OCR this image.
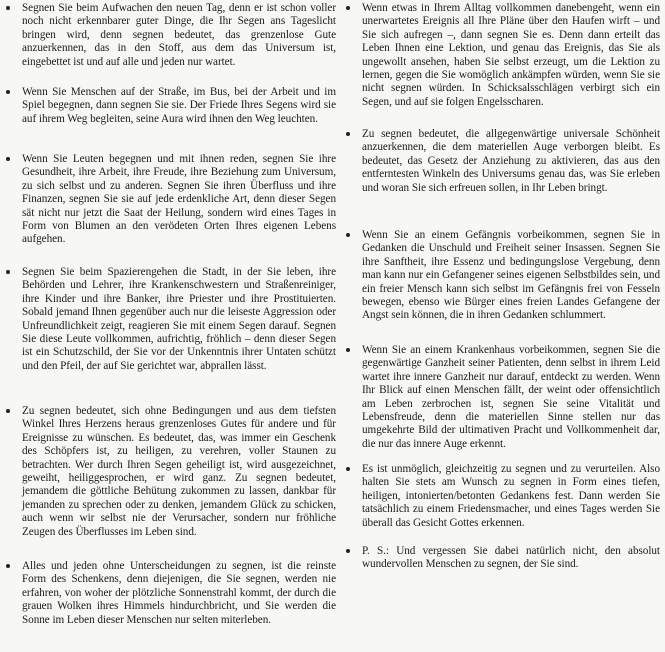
Segnen Sie beim Aufwachen den neuen Tag, denn er ist schon voller noch nicht erkennbarer guter Dinge, die Ihr Segen ans Tageslicht bringen wird, denn segnen bedeutet, das grenzenlose Gute anzuerkennen, das in den Stoff, aus dem das Universum ist, eingebettet ist und auf alle und jeden nur wartet.

Wenn Sie Menschen auf der Straße, im Bus, bei der Arbeit und im Spiel begegnen, dann segnen Sie sie. Der Friede Ihres Segens wird sie auf ihrem Weg begleiten, seine Aura wird ihnen den Weg leuchten.

Wenn Sie Leuten begegnen und mit ihnen reden, segnen Sie ihre Gesundheit, ihre Arbeit, ihre Freude, ihre Beziehung zum Universum, zu sich selbst und zu anderen. Segnen Sie ihren Überfluss und ihre Finanzen, segnen Sie sie auf jede erdenkliche Art, denn dieser Segen sät nicht nur jetzt die Saat der Heilung, sondern wird eines Tages in Form von Blumen an den verödeten Orten Ihres eigenen Lebens aufgehen.

Segnen Sie beim Spazierengehen die Stadt, in der Sie leben, ihre Behörden und Lehrer, ihre Krankenschwestern und Straßenreiniger, ihre Kinder und ihre Banker, ihre Priester und ihre Prostituierten. Sobald jemand Ihnen gegenüber auch nur die leiseste Aggression oder Unfreundlichkeit zeigt, reagieren Sie mit einem Segen darauf. Segnen Sie diese Leute vollkommen, aufrichtig, fröhlich – denn dieser Segen ist ein Schutzschild, der Sie vor der Unkenntnis ihrer Untaten schützt und den Pfeil, der auf Sie gerichtet war, abprallen lässt.

Zu segnen bedeutet, sich ohne Bedingungen und aus dem tiefsten Winkel Ihres Herzens heraus grenzenloses Gutes für andere und für Ereignisse zu wünschen. Es bedeutet, das, was immer ein Geschenk des Schöpfers ist, zu heiligen, zu verehren, voller Staunen zu betrachten. Wer durch Ihren Segen geheiligt ist, wird ausgezeichnet, geweiht, heiliggesprochen, er wird ganz. Zu segnen bedeutet, jemandem die göttliche Behütung zukommen zu lassen, dankbar für jemanden zu sprechen oder zu denken, jemandem Glück zu schicken, auch wenn wir selbst nie der Verursacher, sondern nur fröhliche Zeugen des Überflusses im Leben sind.

Alles und jeden ohne Unterscheidungen zu segnen, ist die reinste Form des Schenkens, denn diejenigen, die Sie segnen, werden nie erfahren, von woher der plötzliche Sonnenstrahl kommt, der durch die grauen Wolken ihres Himmels hindurchbricht, und Sie werden die Sonne im Leben dieser Menschen nur selten miterleben.

Wenn etwas in Ihrem Alltag vollkommen danebengeht, wenn ein unerwartetes Ereignis all Ihre Pläne über den Haufen wirft – und Sie sich aufregen –, dann segnen Sie es. Denn dann erteilt das Leben Ihnen eine Lektion, und genau das Ereignis, das Sie als ungewollt ansehen, haben Sie selbst erzeugt, um die Lektion zu lernen, gegen die Sie womöglich ankämpfen würden, wenn Sie sie nicht segnen würden. In Schicksalsschlägen verbirgt sich ein Segen, und auf sie folgen Engelsscharen.

Zu segnen bedeutet, die allgegenwärtige universale Schönheit anzuerkennen, die dem materiellen Auge verborgen bleibt. Es bedeutet, das Gesetz der Anziehung zu aktivieren, das aus den entferntesten Winkeln des Universums genau das, was Sie erleben und woran Sie sich erfreuen sollen, in Ihr Leben bringt.

Wenn Sie an einem Gefängnis vorbeikommen, segnen Sie in Gedanken die Unschuld und Freiheit seiner Insassen. Segnen Sie ihre Sanftheit, ihre Essenz und bedingungslose Vergebung, denn man kann nur ein Gefangener seines eigenen Selbstbildes sein, und ein freier Mensch kann sich selbst im Gefängnis frei von Fesseln bewegen, ebenso wie Bürger eines freien Landes Gefangene der Angst sein können, die in ihren Gedanken schlummert.

Wenn Sie an einem Krankenhaus vorbeikommen, segnen Sie die gegenwärtige Ganzheit seiner Patienten, denn selbst in ihrem Leid wartet ihre innere Ganzheit nur darauf, entdeckt zu werden. Wenn Ihr Blick auf einen Menschen fällt, der weint oder offensichtlich am Leben zerbrochen ist, segnen Sie seine Vitalität und Lebensfreude, denn die materiellen Sinne stellen nur das umgekehrte Bild der ultimativen Pracht und Vollkommenheit dar, die nur das innere Auge erkennt.

Es ist unmöglich, gleichzeitig zu segnen und zu verurteilen. Also halten Sie stets am Wunsch zu segnen in Form eines tiefen, heiligen, intonierten/betonten Gedankens fest. Dann werden Sie tatsächlich zu einem Friedensmacher, und eines Tages werden Sie überall das Gesicht Gottes erkennen.

P. S.: Und vergessen Sie dabei natürlich nicht, den absolut wundervollen Menschen zu segnen, der Sie sind.
